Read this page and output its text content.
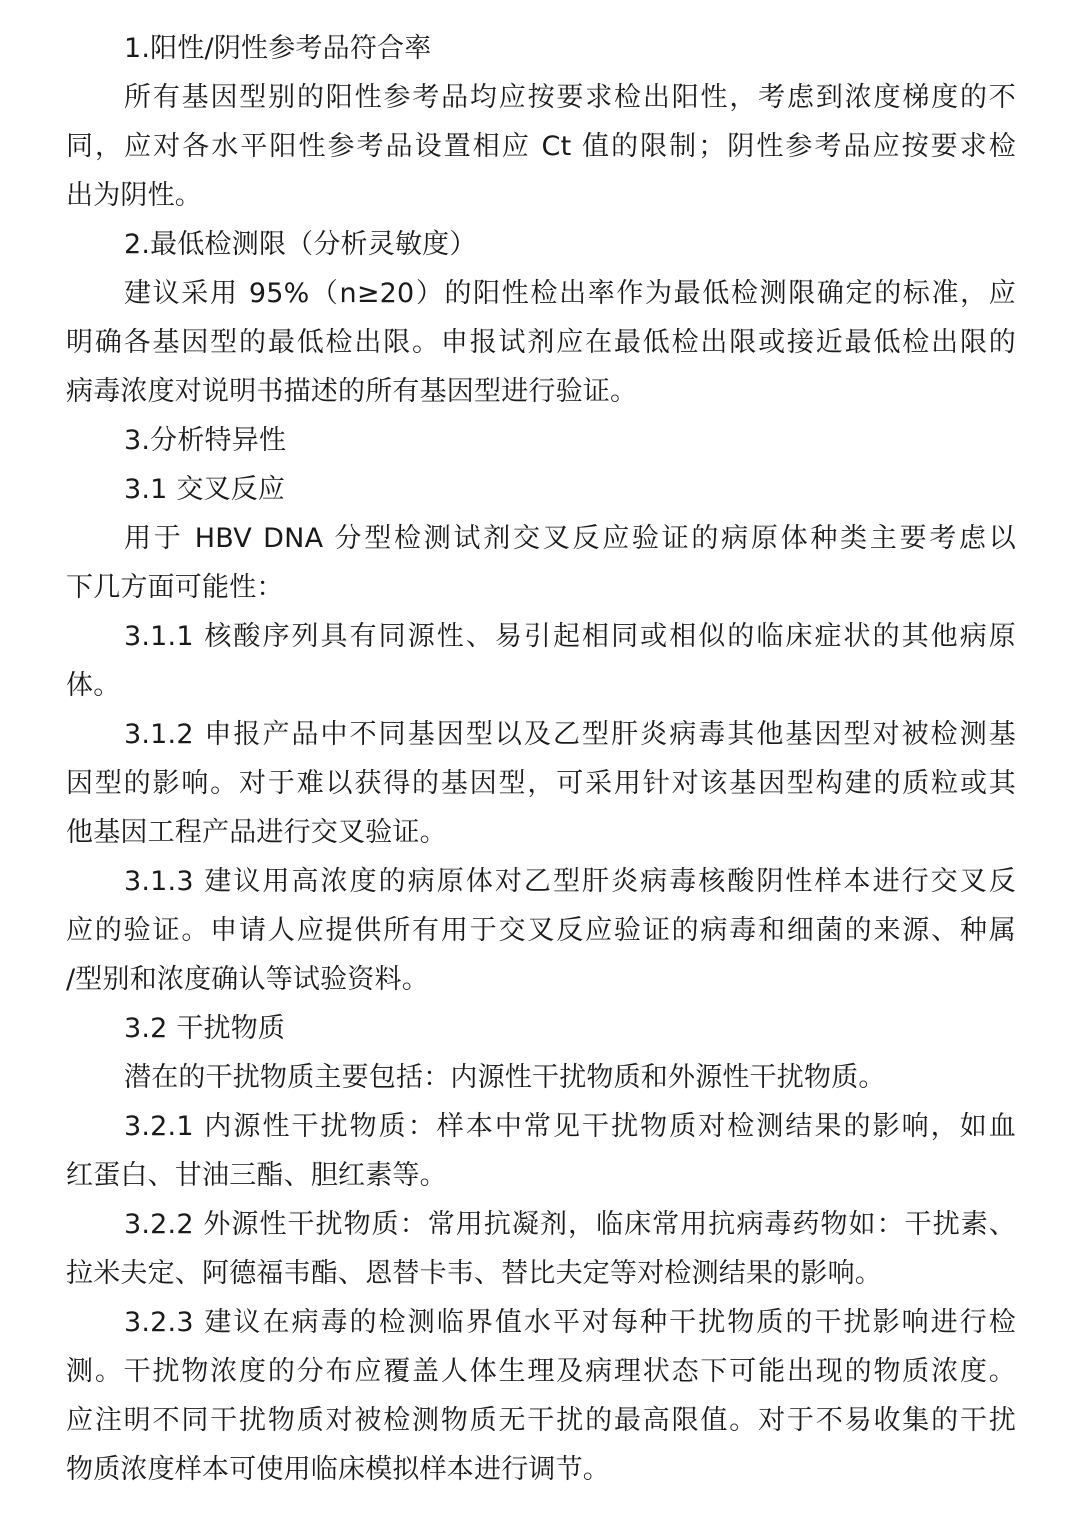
1.阳性/阴性参考品符合率
所有基因型别的阳性参考品均应按要求检出阳性，考虑到浓度梯度的不
同，应对各水平阳性参考品设置相应 Ct 值的限制；阴性参考品应按要求检
出为阴性。
2.最低检测限（分析灵敏度）
建议采用 95%（n≥20）的阳性检出率作为最低检测限确定的标准，应
明确各基因型的最低检出限。申报试剂应在最低检出限或接近最低检出限的
病毒浓度对说明书描述的所有基因型进行验证。
3.分析特异性
3.1 交叉反应
用于 HBV DNA 分型检测试剂交叉反应验证的病原体种类主要考虑以
下几方面可能性：
3.1.1 核酸序列具有同源性、易引起相同或相似的临床症状的其他病原
体。
3.1.2 申报产品中不同基因型以及乙型肝炎病毒其他基因型对被检测基
因型的影响。对于难以获得的基因型，可采用针对该基因型构建的质粒或其
他基因工程产品进行交叉验证。
3.1.3 建议用高浓度的病原体对乙型肝炎病毒核酸阴性样本进行交叉反
应的验证。申请人应提供所有用于交叉反应验证的病毒和细菌的来源、种属
/型别和浓度确认等试验资料。
3.2 干扰物质
潜在的干扰物质主要包括：内源性干扰物质和外源性干扰物质。
3.2.1 内源性干扰物质：样本中常见干扰物质对检测结果的影响，如血
红蛋白、甘油三酯、胆红素等。
3.2.2 外源性干扰物质：常用抗凝剂，临床常用抗病毒药物如：干扰素、
拉米夫定、阿德福韦酯、恩替卡韦、替比夫定等对检测结果的影响。
3.2.3 建议在病毒的检测临界值水平对每种干扰物质的干扰影响进行检
测。干扰物浓度的分布应覆盖人体生理及病理状态下可能出现的物质浓度。
应注明不同干扰物质对被检测物质无干扰的最高限值。对于不易收集的干扰
物质浓度样本可使用临床模拟样本进行调节。
